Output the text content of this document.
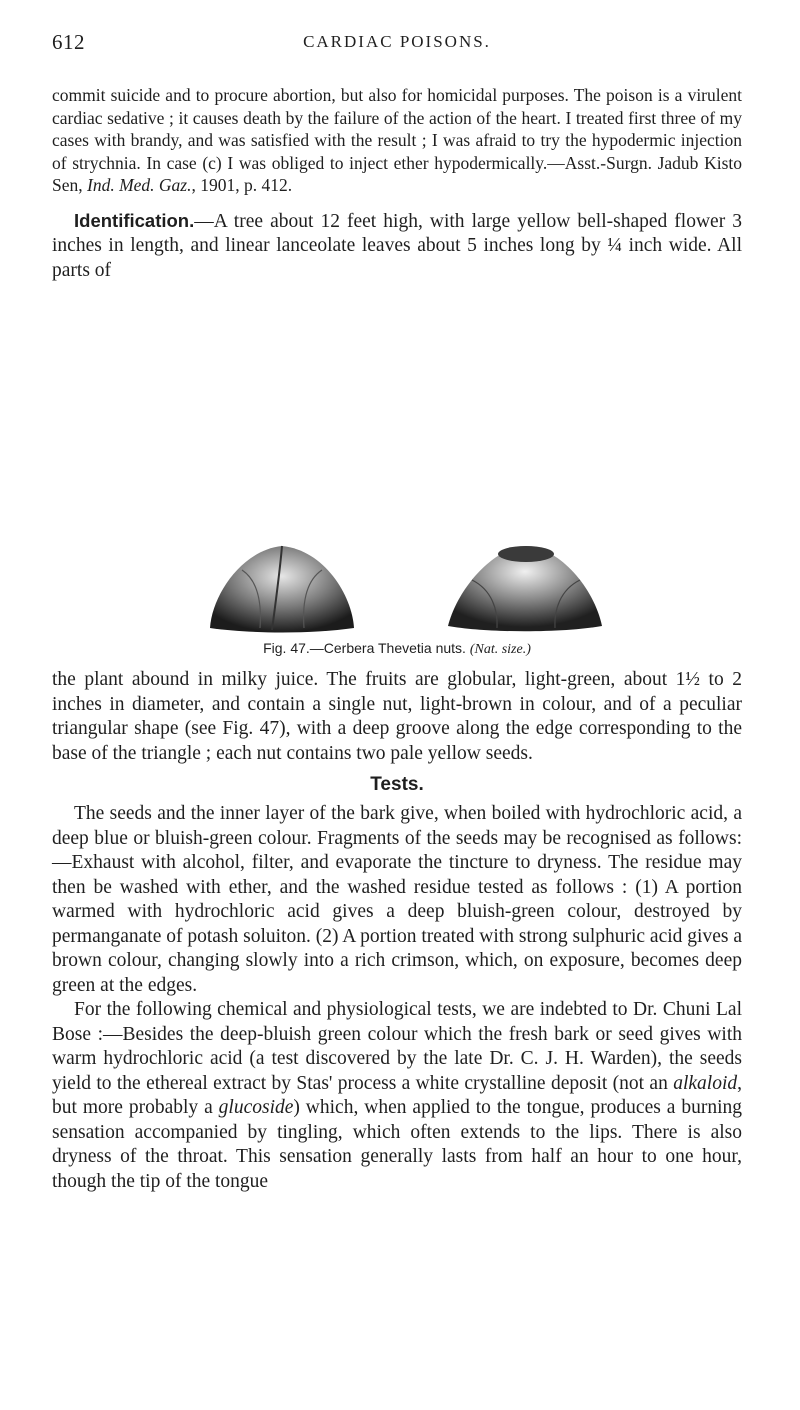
612	CARDIAC POISONS.

commit suicide and to procure abortion, but also for homicidal purposes. The poison is a virulent cardiac sedative ; it causes death by the failure of the action of the heart. I treated first three of my cases with brandy, and was satisfied with the result ; I was afraid to try the hypodermic injection of strychnia. In case (c) I was obliged to inject ether hypodermically.—Asst.-Surgn. Jadub Kisto Sen, Ind. Med. Gaz., 1901, p. 412.

Identification.—A tree about 12 feet high, with large yellow bell-shaped flower 3 inches in length, and linear lanceolate leaves about 5 inches long by ¼ inch wide. All parts of

Fig. 47.—Cerbera Thevetia nuts. (Nat. size.)

the plant abound in milky juice. The fruits are globular, light-green, about 1½ to 2 inches in diameter, and contain a single nut, light-brown in colour, and of a peculiar triangular shape (see Fig. 47), with a deep groove along the edge corresponding to the base of the triangle ; each nut contains two pale yellow seeds.

Tests.

The seeds and the inner layer of the bark give, when boiled with hydrochloric acid, a deep blue or bluish-green colour. Fragments of the seeds may be recognised as follows:—Exhaust with alcohol, filter, and evaporate the tincture to dryness. The residue may then be washed with ether, and the washed residue tested as follows : (1) A portion warmed with hydrochloric acid gives a deep bluish-green colour, destroyed by permanganate of potash soluiton. (2) A portion treated with strong sulphuric acid gives a brown colour, changing slowly into a rich crimson, which, on exposure, becomes deep green at the edges.

For the following chemical and physiological tests, we are indebted to Dr. Chuni Lal Bose :—Besides the deep-bluish green colour which the fresh bark or seed gives with warm hydrochloric acid (a test discovered by the late Dr. C. J. H. Warden), the seeds yield to the ethereal extract by Stas' process a white crystalline deposit (not an alkaloid, but more probably a glucoside) which, when applied to the tongue, produces a burning sensation accompanied by tingling, which often extends to the lips. There is also dryness of the throat. This sensation generally lasts from half an hour to one hour, though the tip of the tongue
